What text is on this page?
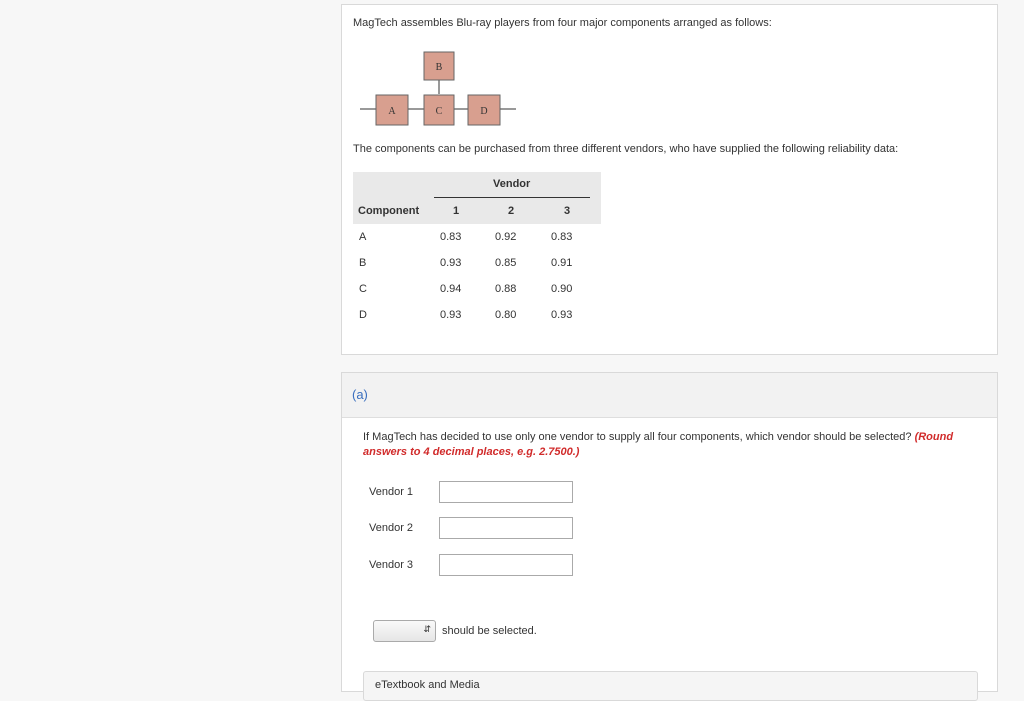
MagTech assembles Blu-ray players from four major components arranged as follows:
A
B
C	D
The components can be purchased from three different vendors, who have supplied the following reliability data:
Vendor
Component	1	2	3
A	0.83	0.92	0.83
B	0.93	0.85	0.91
C	0.94	0.88	0.90
D	0.93	0.80	0.93
(a)
If MagTech has decided to use only one vendor to supply all four components, which vendor should be selected? (Round answers to 4 decimal places, e.g. 2.7500.)
Vendor 1
Vendor 2
Vendor 3
⇵ should be selected.
eTextbook and Media
